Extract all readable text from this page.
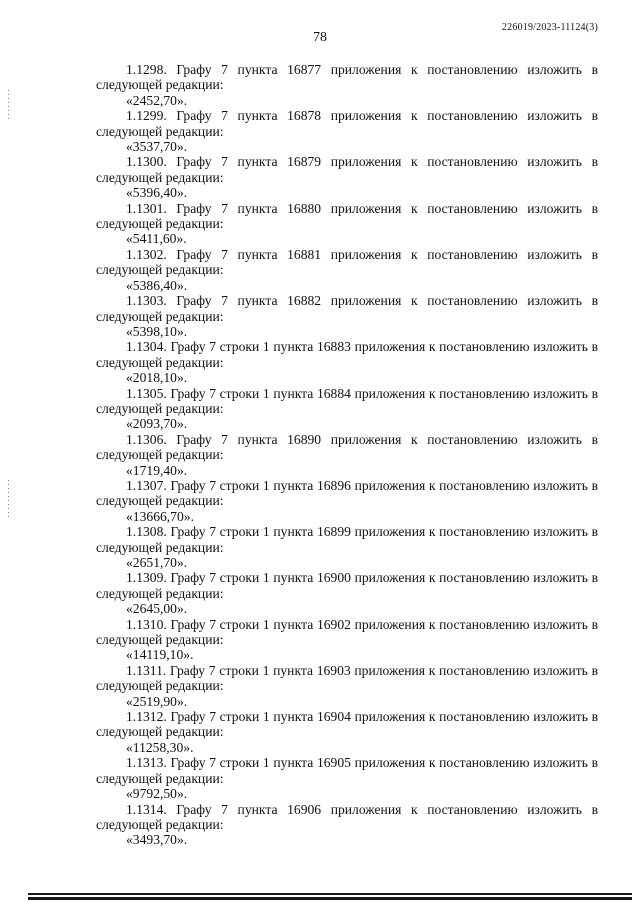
226019/2023-11124(3)
78
1.1298. Графу 7 пункта 16877 приложения к постановлению изложить в следующей редакции:
«2452,70».
1.1299. Графу 7 пункта 16878 приложения к постановлению изложить в следующей редакции:
«3537,70».
1.1300. Графу 7 пункта 16879 приложения к постановлению изложить в следующей редакции:
«5396,40».
1.1301. Графу 7 пункта 16880 приложения к постановлению изложить в следующей редакции:
«5411,60».
1.1302. Графу 7 пункта 16881 приложения к постановлению изложить в следующей редакции:
«5386,40».
1.1303. Графу 7 пункта 16882 приложения к постановлению изложить в следующей редакции:
«5398,10».
1.1304. Графу 7 строки 1 пункта 16883 приложения к постановлению изложить в следующей редакции:
«2018,10».
1.1305. Графу 7 строки 1 пункта 16884 приложения к постановлению изложить в следующей редакции:
«2093,70».
1.1306. Графу 7 пункта 16890 приложения к постановлению изложить в следующей редакции:
«1719,40».
1.1307. Графу 7 строки 1 пункта 16896 приложения к постановлению изложить в следующей редакции:
«13666,70».
1.1308. Графу 7 строки 1 пункта 16899 приложения к постановлению изложить в следующей редакции:
«2651,70».
1.1309. Графу 7 строки 1 пункта 16900 приложения к постановлению изложить в следующей редакции:
«2645,00».
1.1310. Графу 7 строки 1 пункта 16902 приложения к постановлению изложить в следующей редакции:
«14119,10».
1.1311. Графу 7 строки 1 пункта 16903 приложения к постановлению изложить в следующей редакции:
«2519,90».
1.1312. Графу 7 строки 1 пункта 16904 приложения к постановлению изложить в следующей редакции:
«11258,30».
1.1313. Графу 7 строки 1 пункта 16905 приложения к постановлению изложить в следующей редакции:
«9792,50».
1.1314. Графу 7 пункта 16906 приложения к постановлению изложить в следующей редакции:
«3493,70».
